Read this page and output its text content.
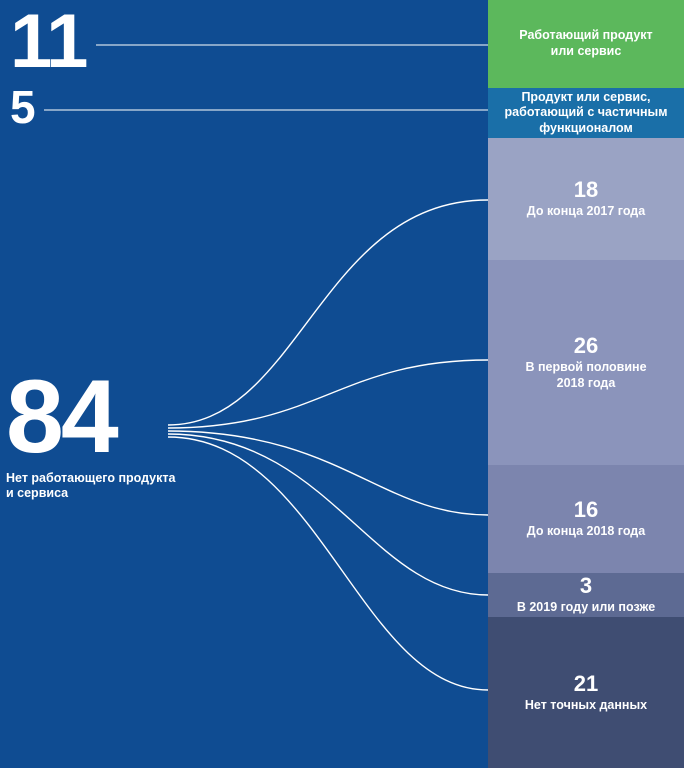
11
5
84
Нет работающего продукта
и сервиса
Работающий продукт
или сервис
Продукт или сервис,
работающий с частичным
функционалом
18
До конца 2017 года
26
В первой половине
2018 года
16
До конца 2018 года
3
В 2019 году или позже
21
Нет точных данных
